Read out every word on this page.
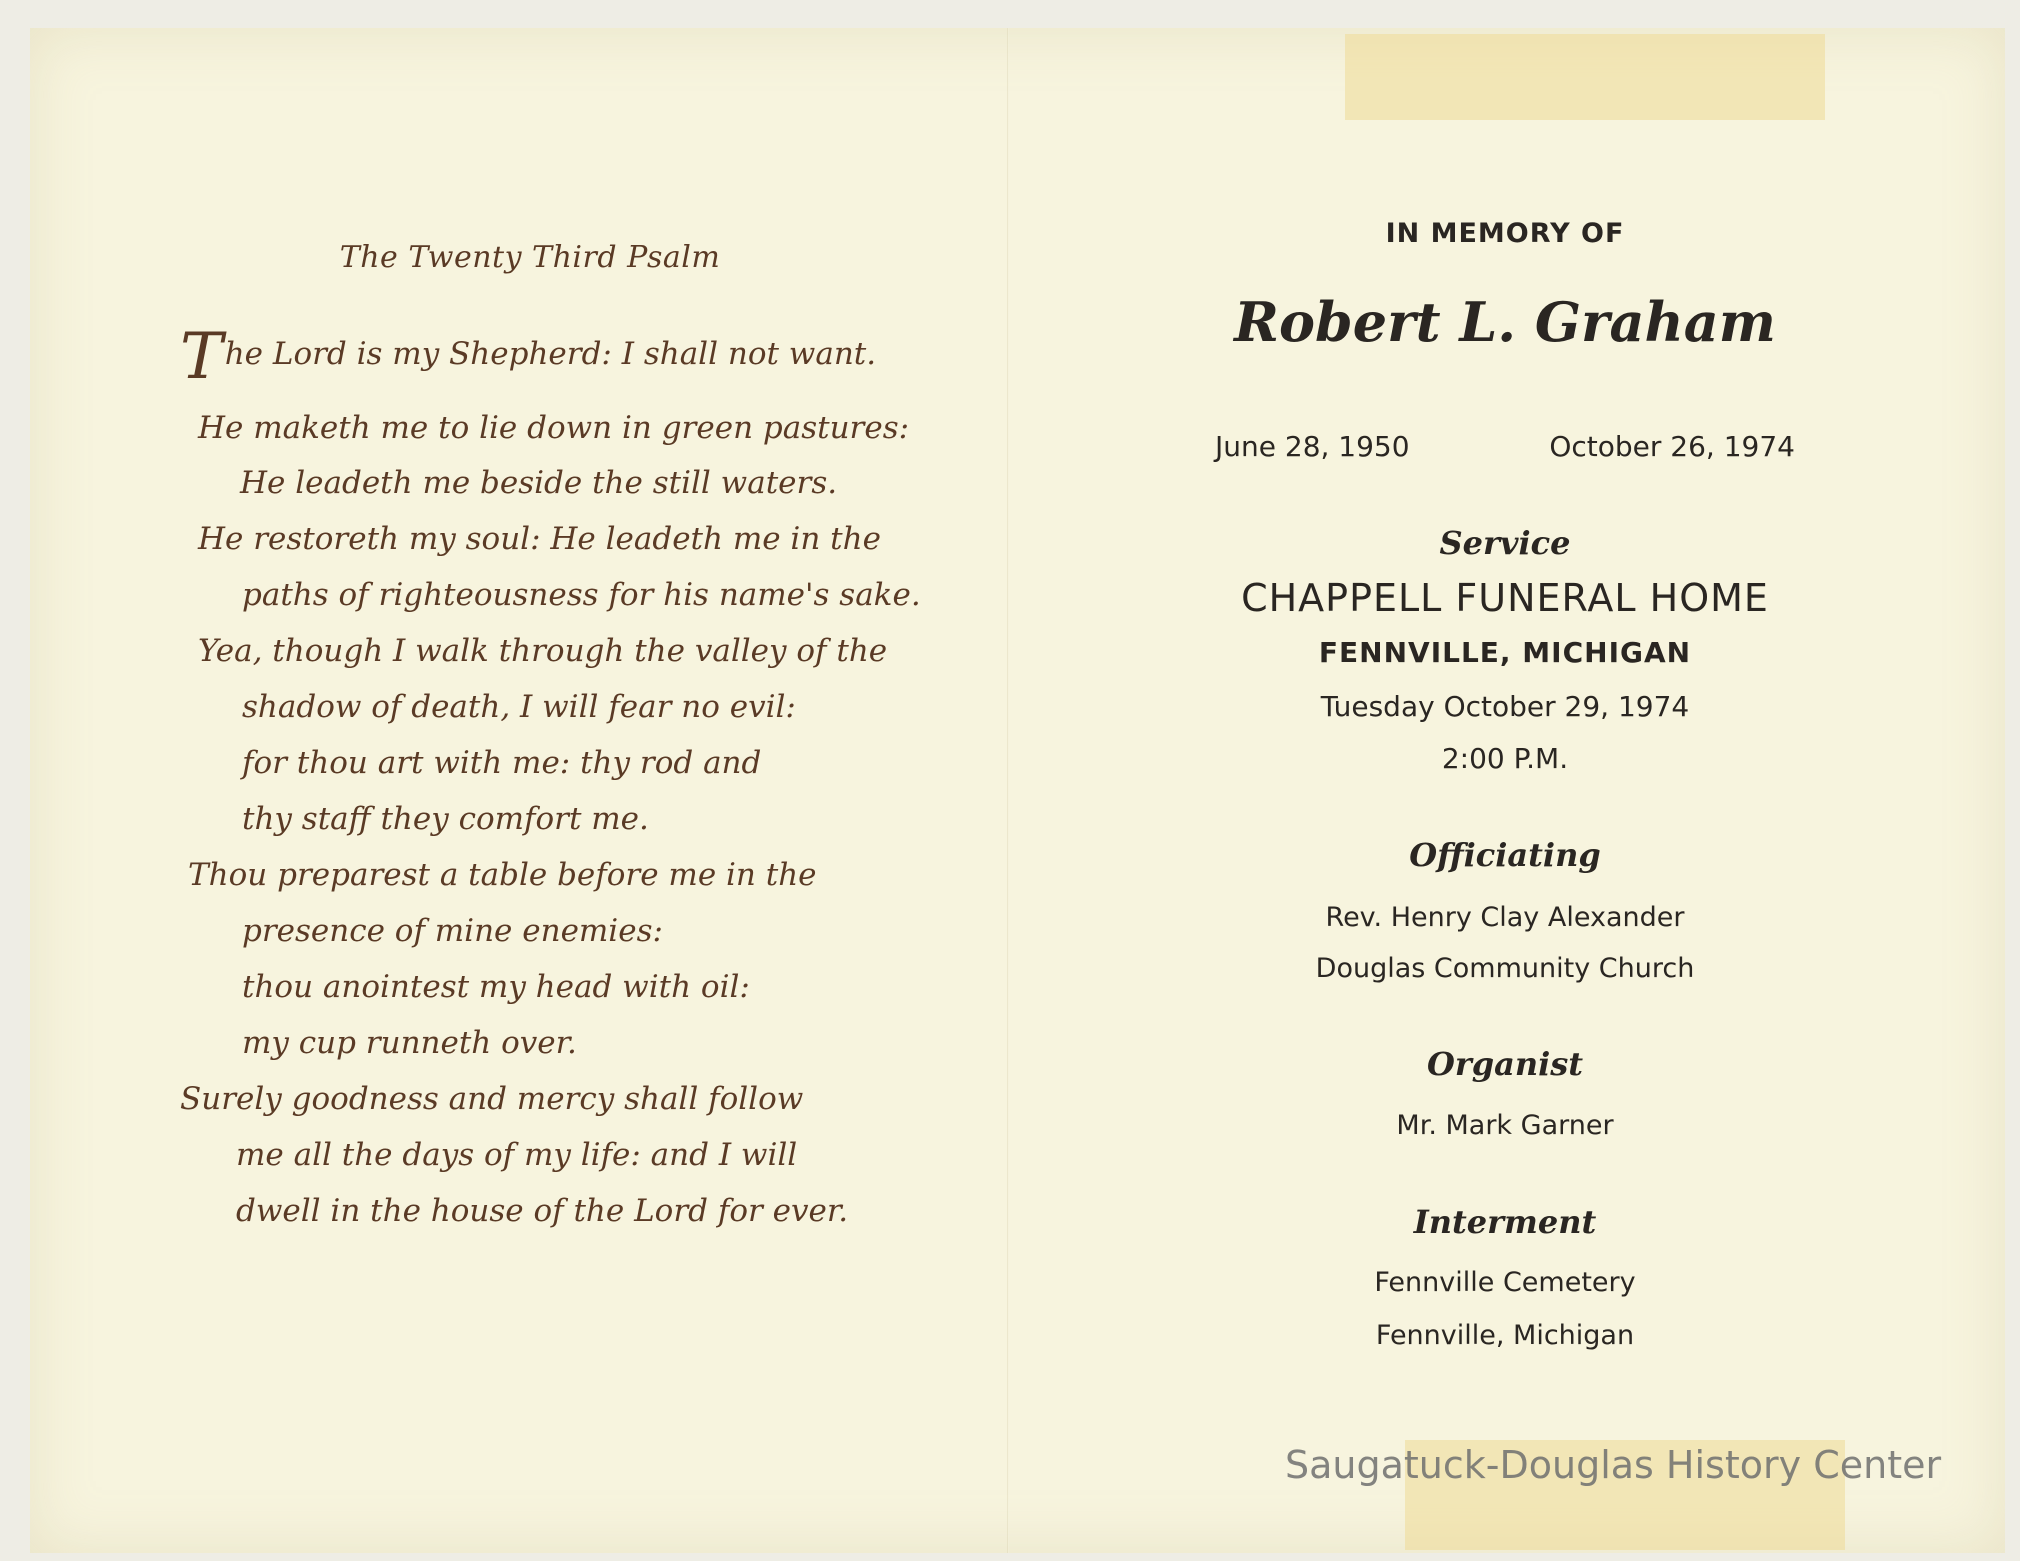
The Twenty Third Psalm
The Lord is my Shepherd: I shall not want.
He maketh me to lie down in green pastures:
He leadeth me beside the still waters.
He restoreth my soul: He leadeth me in the
paths of righteousness for his name's sake.
Yea, though I walk through the valley of the
shadow of death, I will fear no evil:
for thou art with me: thy rod and
thy staff they comfort me.
Thou preparest a table before me in the
presence of mine enemies:
thou anointest my head with oil:
my cup runneth over.
Surely goodness and mercy shall follow
me all the days of my life: and I will
dwell in the house of the Lord for ever.
IN MEMORY OF
Robert L. Graham
June 28, 1950	October 26, 1974
Service
CHAPPELL FUNERAL HOME
FENNVILLE, MICHIGAN
Tuesday October 29, 1974
2:00 P.M.
Officiating
Rev. Henry Clay Alexander
Douglas Community Church
Organist
Mr. Mark Garner
Interment
Fennville Cemetery
Fennville, Michigan
Saugatuck-Douglas History Center
